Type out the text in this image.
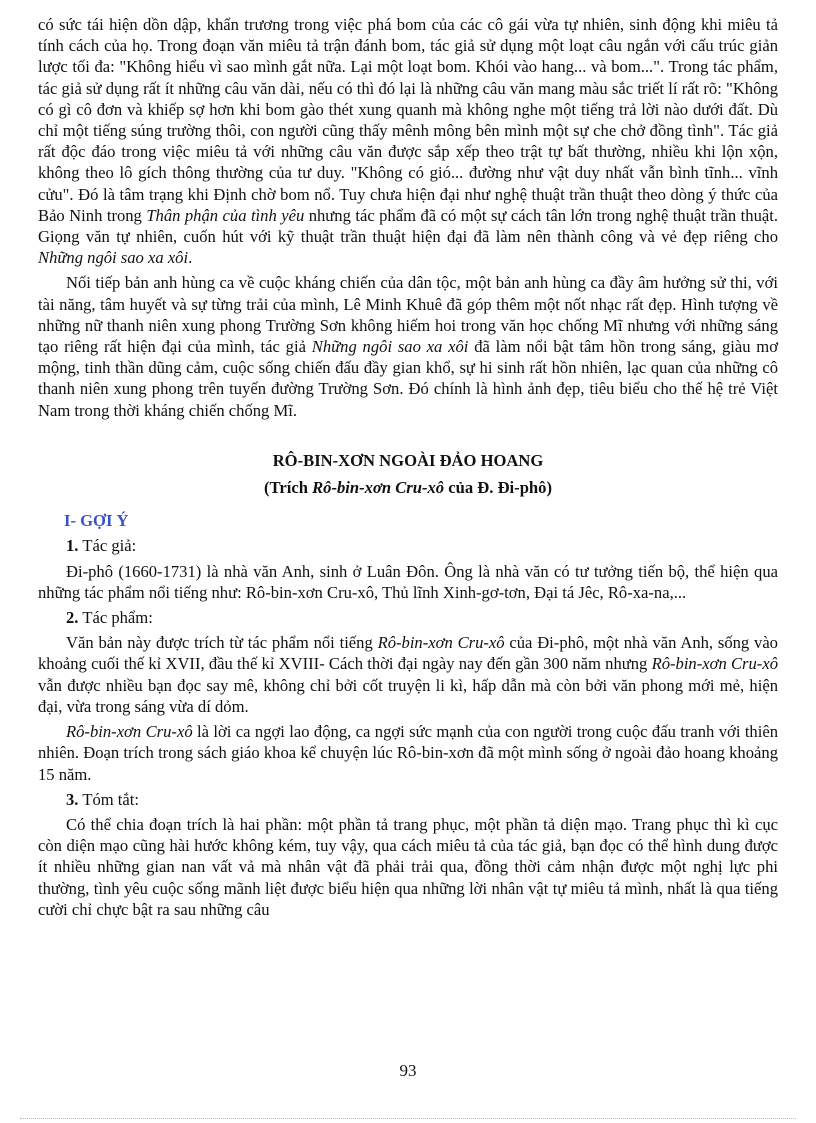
có sức tái hiện dồn dập, khẩn trương trong việc phá bom của các cô gái vừa tự nhiên, sinh động khi miêu tả tính cách của họ. Trong đoạn văn miêu tả trận đánh bom, tác giả sử dụng một loạt câu ngắn với cấu trúc giản lược tối đa: "Không hiểu vì sao mình gắt nữa. Lại một loạt bom. Khói vào hang... và bom...". Trong tác phẩm, tác giả sử dụng rất ít những câu văn dài, nếu có thì đó lại là những câu văn mang màu sắc triết lí rất rõ: "Không có gì cô đơn và khiếp sợ hơn khi bom gào thét xung quanh mà không nghe một tiếng trả lời nào dưới đất. Dù chỉ một tiếng súng trường thôi, con người cũng thấy mênh mông bên mình một sự che chở đồng tình". Tác giả rất độc đáo trong việc miêu tả với những câu văn được sắp xếp theo trật tự bất thường, nhiều khi lộn xộn, không theo lô gích thông thường của tư duy. "Không có gió... đường như vật duy nhất vẫn bình tĩnh... vĩnh cửu". Đó là tâm trạng khi Định chờ bom nổ. Tuy chưa hiện đại như nghệ thuật trần thuật theo dòng ý thức của Bảo Ninh trong Thân phận của tình yêu nhưng tác phẩm đã có một sự cách tân lớn trong nghệ thuật trần thuật. Giọng văn tự nhiên, cuốn hút với kỹ thuật trần thuật hiện đại đã làm nên thành công và vẻ đẹp riêng cho Những ngôi sao xa xôi.

Nối tiếp bản anh hùng ca về cuộc kháng chiến của dân tộc, một bản anh hùng ca đầy âm hưởng sử thi, với tài năng, tâm huyết và sự từng trải của mình, Lê Minh Khuê đã góp thêm một nốt nhạc rất đẹp. Hình tượng về những nữ thanh niên xung phong Trường Sơn không hiếm hoi trong văn học chống Mĩ nhưng với những sáng tạo riêng rất hiện đại của mình, tác giả Những ngôi sao xa xôi đã làm nổi bật tâm hồn trong sáng, giàu mơ mộng, tinh thần dũng cảm, cuộc sống chiến đấu đầy gian khổ, sự hi sinh rất hồn nhiên, lạc quan của những cô thanh niên xung phong trên tuyến đường Trường Sơn. Đó chính là hình ảnh đẹp, tiêu biểu cho thế hệ trẻ Việt Nam trong thời kháng chiến chống Mĩ.

RÔ-BIN-XƠN NGOÀI ĐẢO HOANG
(Trích Rô-bin-xơn Cru-xô của Đ. Đi-phô)
I- GỢI Ý
1. Tác giả:

Đi-phô (1660-1731) là nhà văn Anh, sinh ở Luân Đôn. Ông là nhà văn có tư tưởng tiến bộ, thể hiện qua những tác phẩm nổi tiếng như: Rô-bin-xơn Cru-xô, Thủ lĩnh Xinh-gơ-tơn, Đại tá Jêc, Rô-xa-na,...

2. Tác phẩm:

Văn bản này được trích từ tác phẩm nổi tiếng Rô-bin-xơn Cru-xô của Đi-phô, một nhà văn Anh, sống vào khoảng cuối thế kỉ XVII, đầu thế kỉ XVIII- Cách thời đại ngày nay đến gần 300 năm nhưng Rô-bin-xơn Cru-xô vẫn được nhiều bạn đọc say mê, không chỉ bởi cốt truyện li kì, hấp dẫn mà còn bởi văn phong mới mẻ, hiện đại, vừa trong sáng vừa dí dỏm.

Rô-bin-xơn Cru-xô là lời ca ngợi lao động, ca ngợi sức mạnh của con người trong cuộc đấu tranh với thiên nhiên. Đoạn trích trong sách giáo khoa kể chuyện lúc Rô-bin-xơn đã một mình sống ở ngoài đảo hoang khoảng 15 năm.

3. Tóm tắt:

Có thể chia đoạn trích là hai phần: một phần tả trang phục, một phần tả diện mạo. Trang phục thì kì cục còn diện mạo cũng hài hước không kém, tuy vậy, qua cách miêu tả của tác giả, bạn đọc có thể hình dung được ít nhiều những gian nan vất vả mà nhân vật đã phải trải qua, đồng thời cảm nhận được một nghị lực phi thường, tình yêu cuộc sống mãnh liệt được biểu hiện qua những lời nhân vật tự miêu tả mình, nhất là qua tiếng cười chỉ chực bật ra sau những câu

93
